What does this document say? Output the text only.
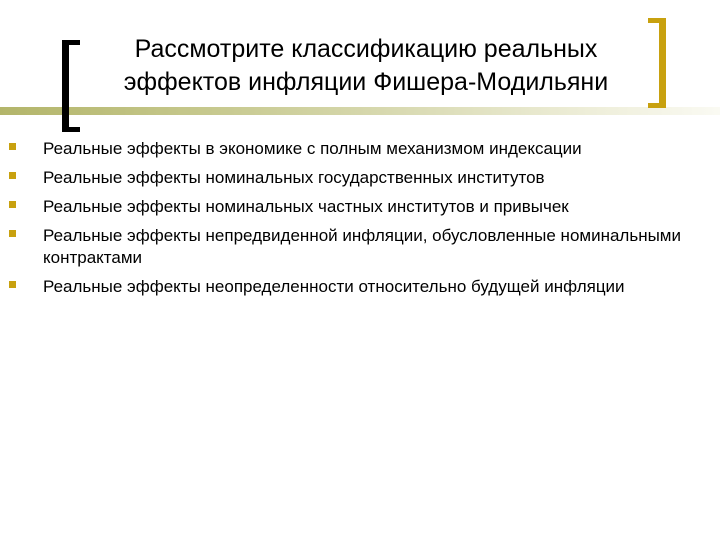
Рассмотрите классификацию реальных
эффектов инфляции Фишера-Модильяни
Реальные эффекты в экономике с полным механизмом индексации
Реальные эффекты номинальных государственных институтов
Реальные эффекты номинальных частных институтов и привычек
Реальные эффекты непредвиденной инфляции, обусловленные номинальными контрактами
Реальные эффекты неопределенности относительно будущей инфляции
